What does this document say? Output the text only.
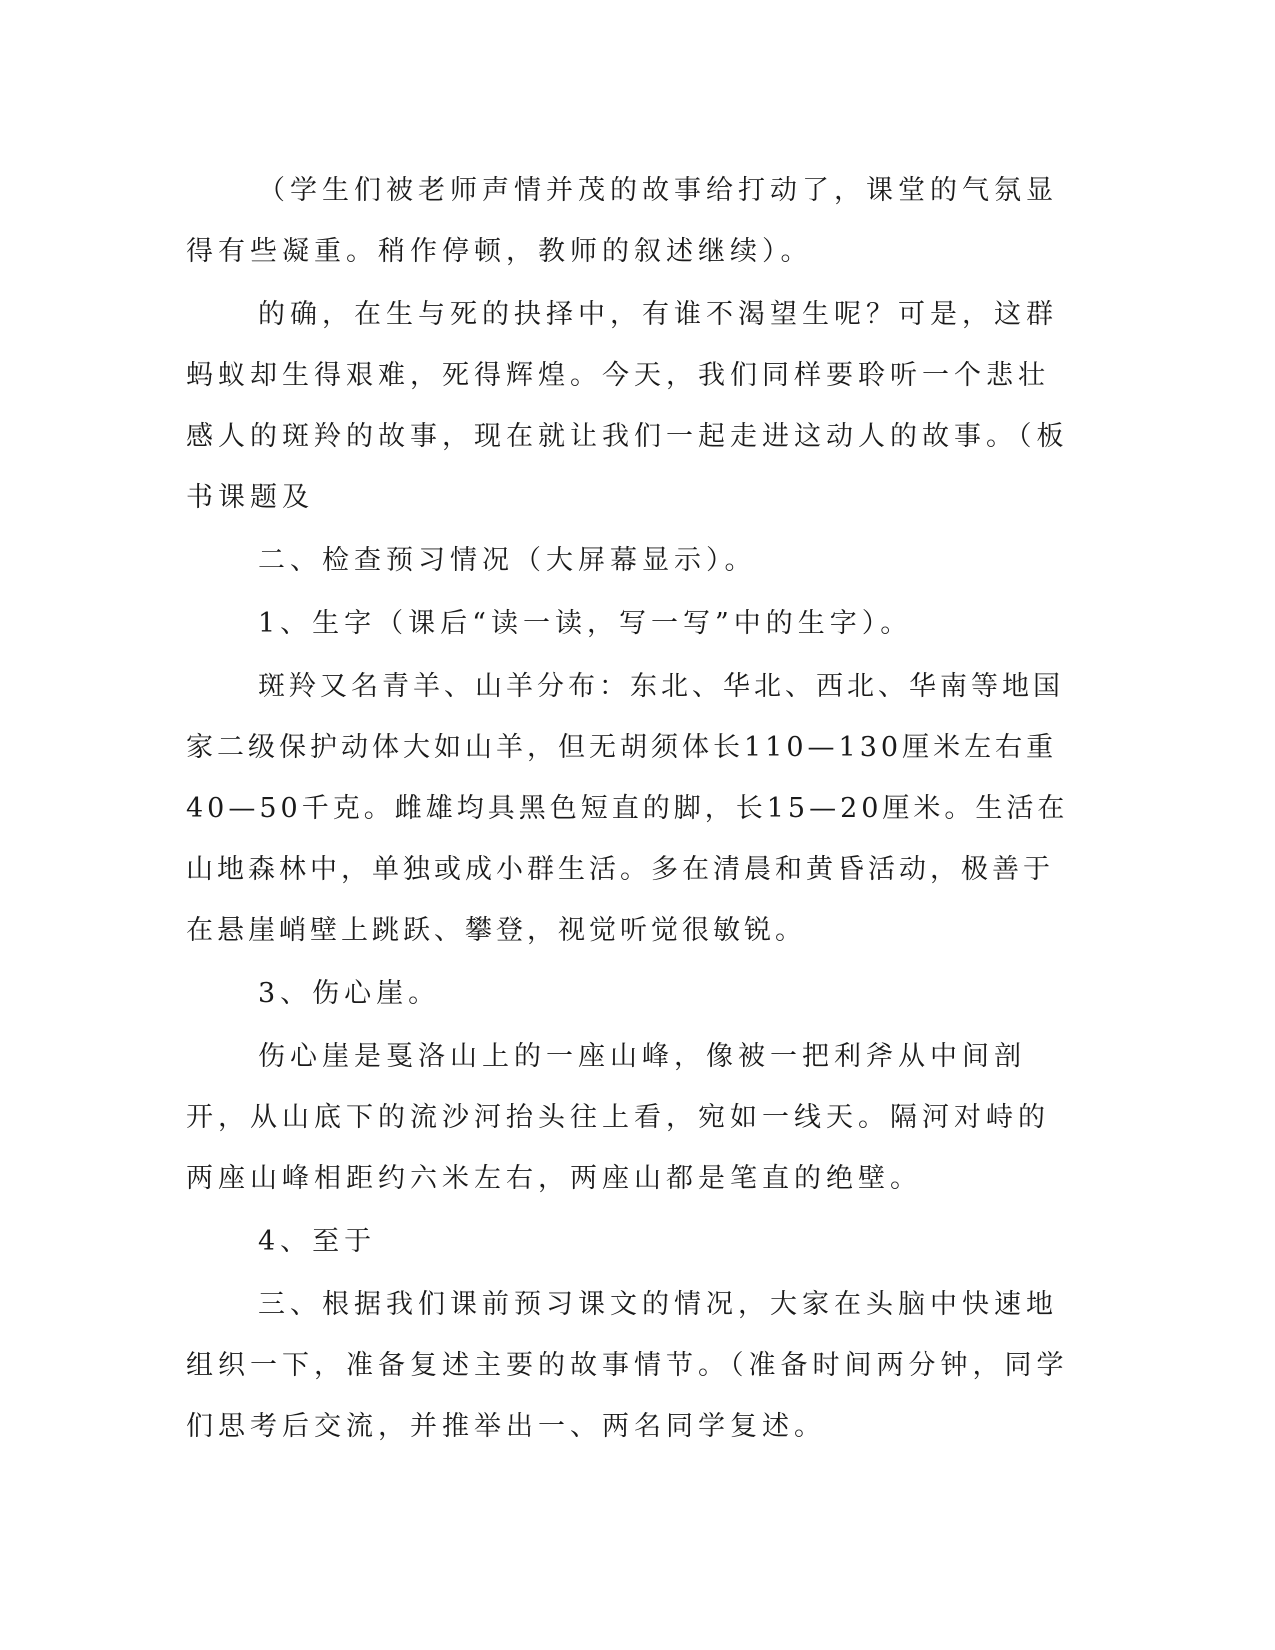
（学生们被老师声情并茂的故事给打动了，课堂的气氛显得有些凝重。稍作停顿，教师的叙述继续）。

的确，在生与死的抉择中，有谁不渴望生呢？可是，这群蚂蚁却生得艰难，死得辉煌。今天，我们同样要聆听一个悲壮感人的斑羚的故事，现在就让我们一起走进这动人的故事。（板书课题及

二、检查预习情况（大屏幕显示）。

1、生字（课后“读一读，写一写”中的生字）。

斑羚又名青羊、山羊分布：东北、华北、西北、华南等地国家二级保护动体大如山羊，但无胡须体长110—130厘米左右重40—50千克。雌雄均具黑色短直的脚，长15—20厘米。生活在山地森林中，单独或成小群生活。多在清晨和黄昏活动，极善于在悬崖峭壁上跳跃、攀登，视觉听觉很敏锐。

3、伤心崖。

伤心崖是戛洛山上的一座山峰，像被一把利斧从中间剖开，从山底下的流沙河抬头往上看，宛如一线天。隔河对峙的两座山峰相距约六米左右，两座山都是笔直的绝壁。

4、至于

三、根据我们课前预习课文的情况，大家在头脑中快速地组织一下，准备复述主要的故事情节。（准备时间两分钟，同学们思考后交流，并推举出一、两名同学复述。
